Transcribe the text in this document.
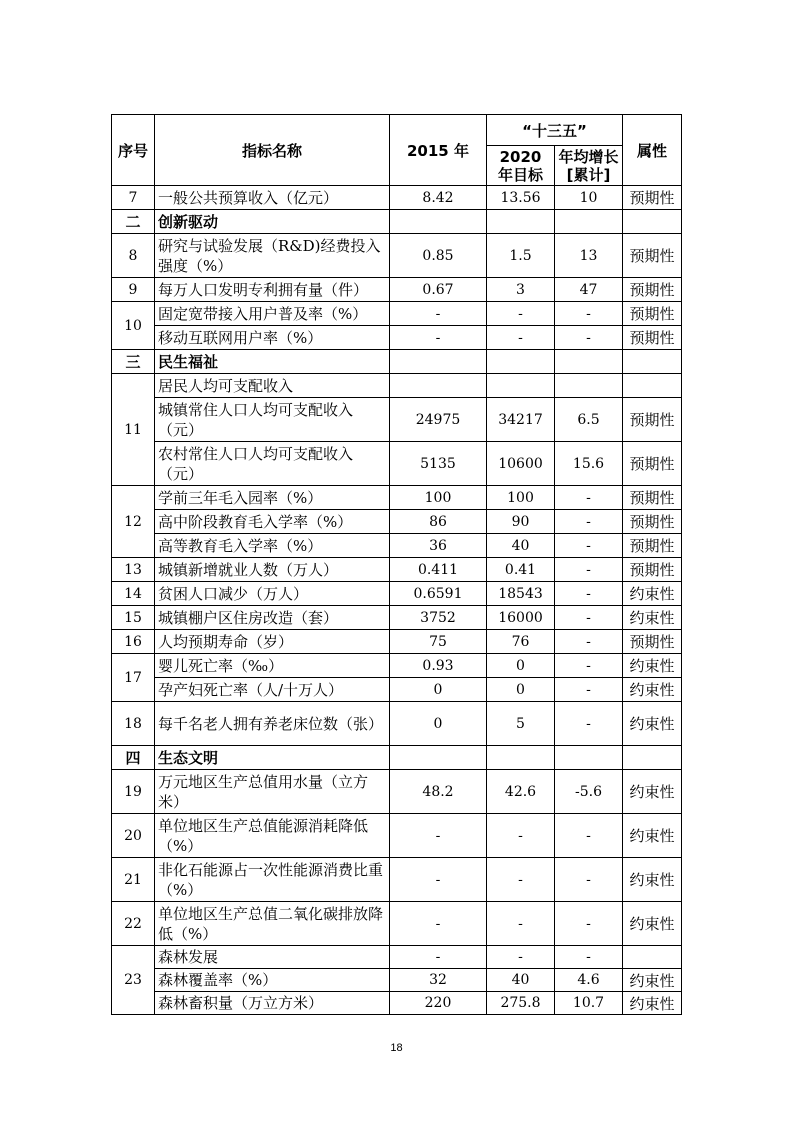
序号	指标名称	2015 年	“十三五”		属性
			2020 年目标	年均增长[累计]	
7	一般公共预算收入（亿元）	8.42	13.56	10	预期性
二	创新驱动				
8	研究与试验发展（R&D)经费投入强度（%）	0.85	1.5	13	预期性
9	每万人口发明专利拥有量（件）	0.67	3	47	预期性
10	固定宽带接入用户普及率（%）	-	-	-	预期性
	移动互联网用户率（%）	-	-	-	预期性
三	民生福祉				
11	居民人均可支配收入				
	城镇常住人口人均可支配收入（元）	24975	34217	6.5	预期性
	农村常住人口人均可支配收入（元）	5135	10600	15.6	预期性
12	学前三年毛入园率（%）	100	100	-	预期性
	高中阶段教育毛入学率（%）	86	90	-	预期性
	高等教育毛入学率（%）	36	40	-	预期性
13	城镇新增就业人数（万人）	0.411	0.41	-	预期性
14	贫困人口减少（万人）	0.6591	18543	-	约束性
15	城镇棚户区住房改造（套）	3752	16000	-	约束性
16	人均预期寿命（岁）	75	76	-	预期性
17	婴儿死亡率（‰）	0.93	0	-	约束性
	孕产妇死亡率（人/十万人）	0	0	-	约束性
18	每千名老人拥有养老床位数（张）	0	5	-	约束性
四	生态文明				
19	万元地区生产总值用水量（立方米）	48.2	42.6	-5.6	约束性
20	单位地区生产总值能源消耗降低（%）	-	-	-	约束性
21	非化石能源占一次性能源消费比重（%）	-	-	-	约束性
22	单位地区生产总值二氧化碳排放降低（%）	-	-	-	约束性
23	森林发展	-	-	-	
	森林覆盖率（%）	32	40	4.6	约束性
	森林畜积量（万立方米）	220	275.8	10.7	约束性
18
